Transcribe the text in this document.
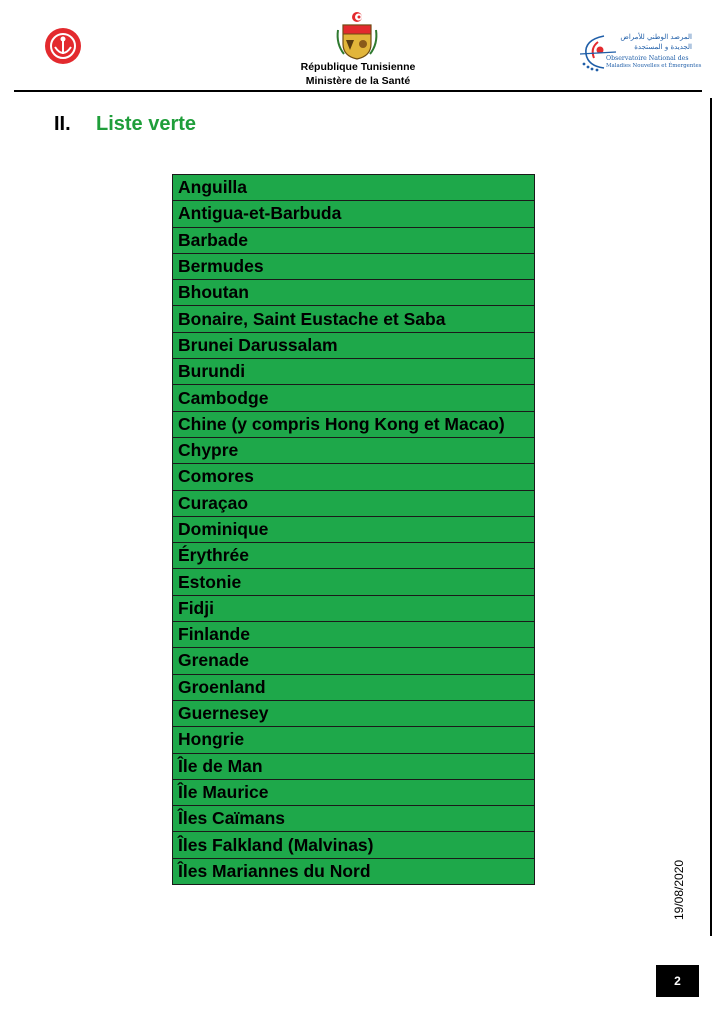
République Tunisienne
Ministère de la Santé
المرصد الوطني للأمراض
الجديدة و المستجدة
Observatoire National des
Maladies Nouvelles et Émergentes
II. Liste verte
Anguilla
Antigua-et-Barbuda
Barbade
Bermudes
Bhoutan
Bonaire, Saint Eustache et Saba
Brunei Darussalam
Burundi
Cambodge
Chine (y compris Hong Kong et Macao)
Chypre
Comores
Curaçao
Dominique
Érythrée
Estonie
Fidji
Finlande
Grenade
Groenland
Guernesey
Hongrie
Île de Man
Île Maurice
Îles Caïmans
Îles Falkland (Malvinas)
Îles Mariannes du Nord	19/08/2020
2
